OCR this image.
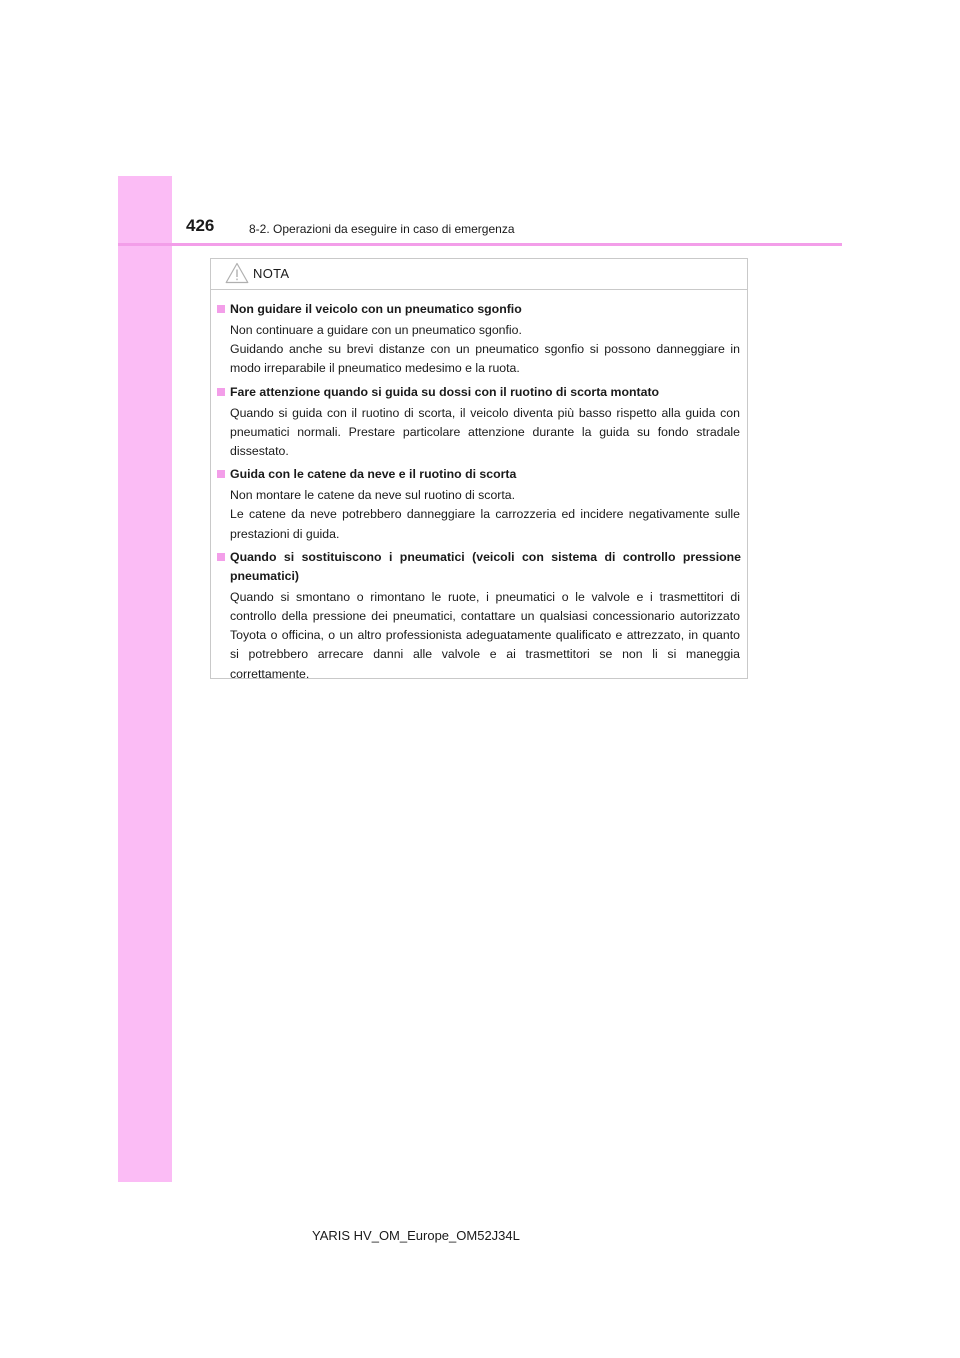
426	8-2. Operazioni da eseguire in caso di emergenza
NOTA
Non guidare il veicolo con un pneumatico sgonfio
Non continuare a guidare con un pneumatico sgonfio.
Guidando anche su brevi distanze con un pneumatico sgonfio si possono danneggiare in modo irreparabile il pneumatico medesimo e la ruota.
Fare attenzione quando si guida su dossi con il ruotino di scorta montato
Quando si guida con il ruotino di scorta, il veicolo diventa più basso rispetto alla guida con pneumatici normali. Prestare particolare attenzione durante la guida su fondo stradale dissestato.
Guida con le catene da neve e il ruotino di scorta
Non montare le catene da neve sul ruotino di scorta.
Le catene da neve potrebbero danneggiare la carrozzeria ed incidere negativamente sulle prestazioni di guida.
Quando si sostituiscono i pneumatici (veicoli con sistema di controllo pressione pneumatici)
Quando si smontano o rimontano le ruote, i pneumatici o le valvole e i trasmettitori di controllo della pressione dei pneumatici, contattare un qualsiasi concessionario autorizzato Toyota o officina, o un altro professionista adeguatamente qualificato e attrezzato, in quanto si potrebbero arrecare danni alle valvole e ai trasmettitori se non li si maneggia correttamente.
YARIS HV_OM_Europe_OM52J34L
